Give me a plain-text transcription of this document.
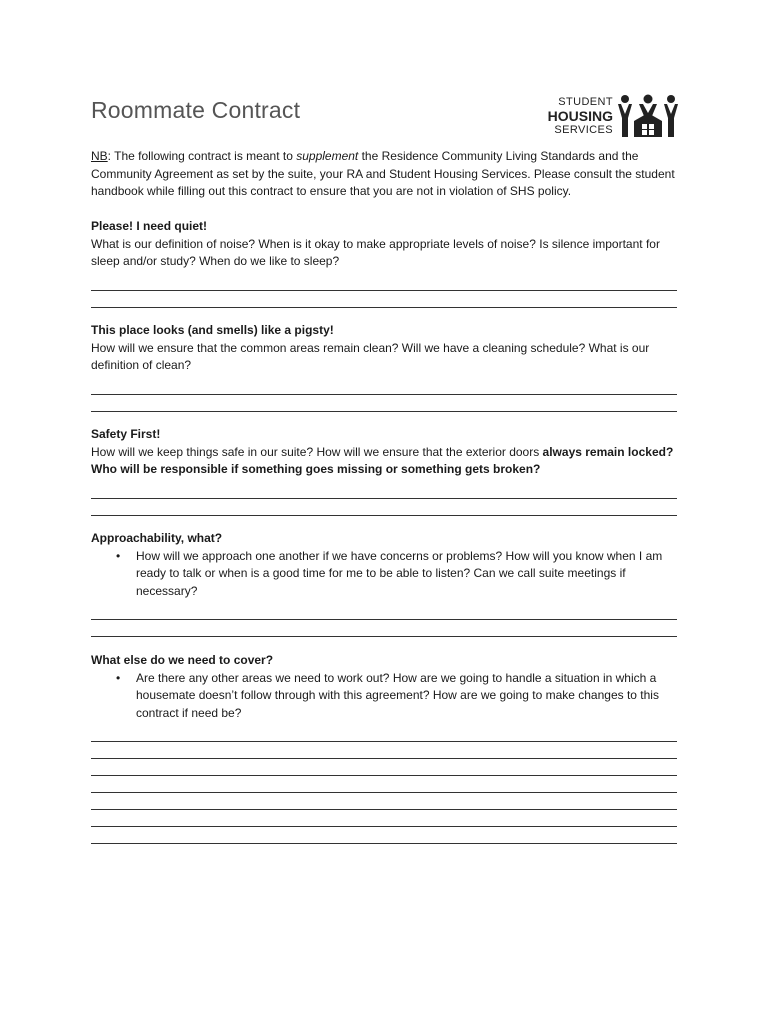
Roommate Contract	STUDENT
HOUSING
SERVICES

NB: The following contract is meant to supplement the Residence Community Living Standards and the Community Agreement as set by the suite, your RA and Student Housing Services. Please consult the student handbook while filling out this contract to ensure that you are not in violation of SHS policy.

Please! I need quiet!

What is our definition of noise? When is it okay to make appropriate levels of noise? Is silence important for sleep and/or study? When do we like to sleep?

This place looks (and smells) like a pigsty!

How will we ensure that the common areas remain clean? Will we have a cleaning schedule? What is our definition of clean?

Safety First!

How will we keep things safe in our suite? How will we ensure that the exterior doors always remain locked? Who will be responsible if something goes missing or something gets broken?

Approachability, what?

• How will we approach one another if we have concerns or problems? How will you know when I am ready to talk or when is a good time for me to be able to listen? Can we call suite meetings if necessary?

What else do we need to cover?

• Are there any other areas we need to work out? How are we going to handle a situation in which a housemate doesn’t follow through with this agreement? How are we going to make changes to this contract if need be?
